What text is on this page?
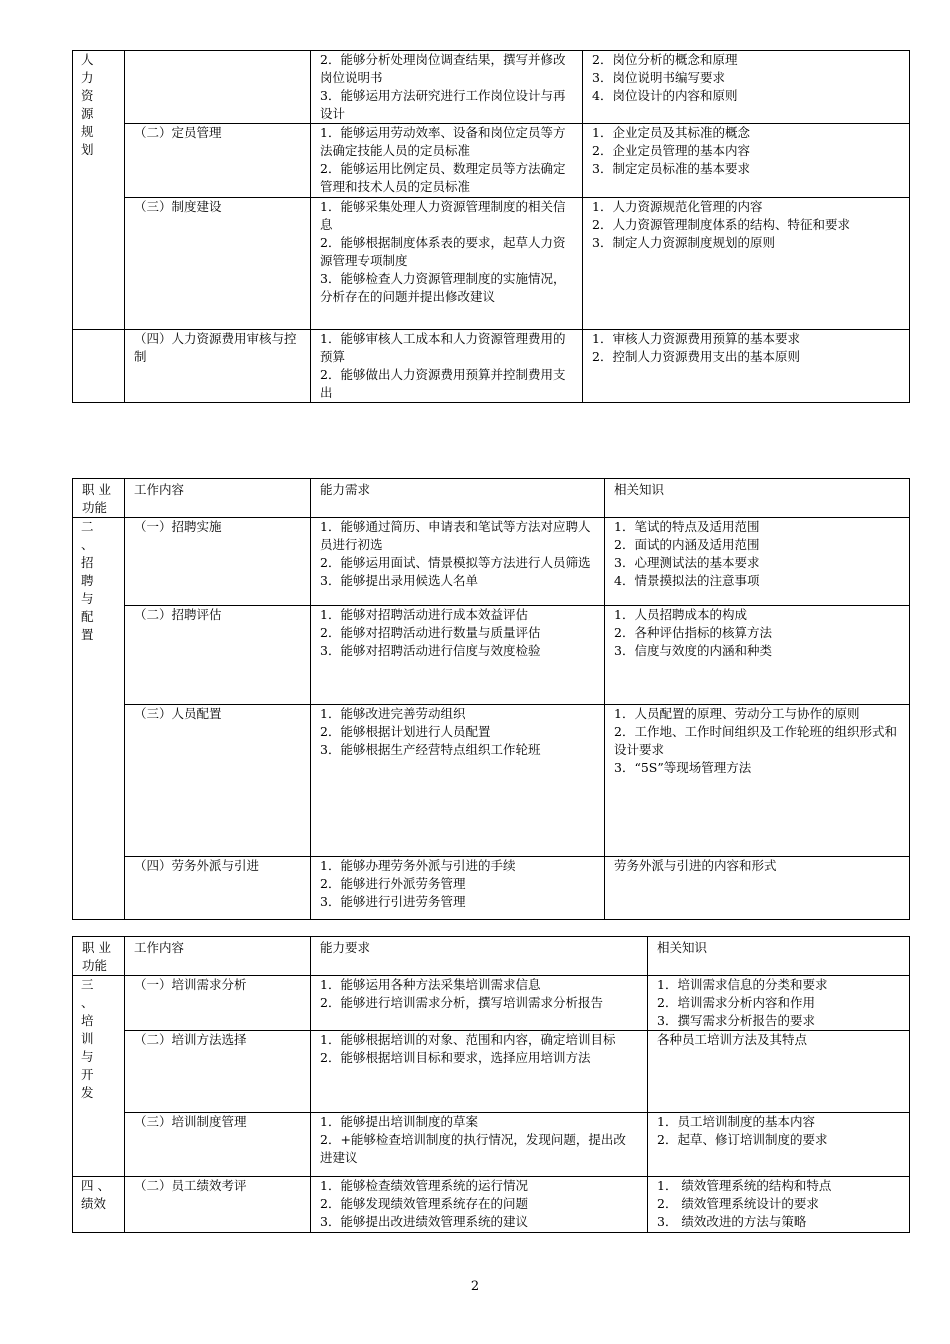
人力资源规划		2．能够分析处理岗位调查结果，撰写并修改岗位说明书
3．能够运用方法研究进行工作岗位设计与再设计	2．岗位分析的概念和原理
3．岗位说明书编写要求
4．岗位设计的内容和原则

	（二）定员管理	1．能够运用劳动效率、设备和岗位定员等方法确定技能人员的定员标准
2．能够运用比例定员、数理定员等方法确定管理和技术人员的定员标准	1．企业定员及其标准的概念
2．企业定员管理的基本内容
3．制定定员标准的基本要求

	（三）制度建设	1．能够采集处理人力资源管理制度的相关信息
2．能够根据制度体系表的要求，起草人力资源管理专项制度
3．能够检查人力资源管理制度的实施情况，分析存在的问题并提出修改建议	1．人力资源规范化管理的内容
2．人力资源管理制度体系的结构、特征和要求
3．制定人力资源制度规划的原则

	（四）人力资源费用审核与控制	1．能够审核人工成本和人力资源管理费用的预算
2．能够做出人力资源费用预算并控制费用支出	1．审核人力资源费用预算的基本要求
2．控制人力资源费用支出的基本原则
职 业功能	工作内容	能力需求	相关知识

二、招聘与配置	（一）招聘实施	1．能够通过简历、申请表和笔试等方法对应聘人员进行初选
2．能够运用面试、情景模拟等方法进行人员筛选
3．能够提出录用候选人名单	1．笔试的特点及适用范围
2．面试的内涵及适用范围
3．心理测试法的基本要求
4．情景摸拟法的注意事项

	（二）招聘评估	1．能够对招聘活动进行成本效益评估
2．能够对招聘活动进行数量与质量评估
3．能够对招聘活动进行信度与效度检验	1．人员招聘成本的构成
2．各种评估指标的核算方法
3．信度与效度的内涵和种类

	（三）人员配置	1．能够改进完善劳动组织
2．能够根据计划进行人员配置
3．能够根据生产经营特点组织工作轮班	1．人员配置的原理、劳动分工与协作的原则
2．工作地、工作时间组织及工作轮班的组织形式和设计要求
3．“5S”等现场管理方法

	（四）劳务外派与引进	1．能够办理劳务外派与引进的手续
2．能够进行外派劳务管理
3．能够进行引进劳务管理	劳务外派与引进的内容和形式
职 业功能	工作内容	能力要求	相关知识

三、培训与开发	（一）培训需求分析	1．能够运用各种方法采集培训需求信息
2．能够进行培训需求分析，撰写培训需求分析报告	1．培训需求信息的分类和要求
2．培训需求分析内容和作用
3．撰写需求分析报告的要求

	（二）培训方法选择	1．能够根据培训的对象、范围和内容，确定培训目标
2．能够根据培训目标和要求，选择应用培训方法	各种员工培训方法及其特点

	（三）培训制度管理	1．能够提出培训制度的草案
2．+能够检查培训制度的执行情况，发现问题，提出改进建议	1．员工培训制度的基本内容
2．起草、修订培训制度的要求

四 、绩效	（二）员工绩效考评	1．能够检查绩效管理系统的运行情况
2．能够发现绩效管理系统存在的问题
3．能够提出改进绩效管理系统的建议	1． 绩效管理系统的结构和特点
2． 绩效管理系统设计的要求
3． 绩效改进的方法与策略
2
